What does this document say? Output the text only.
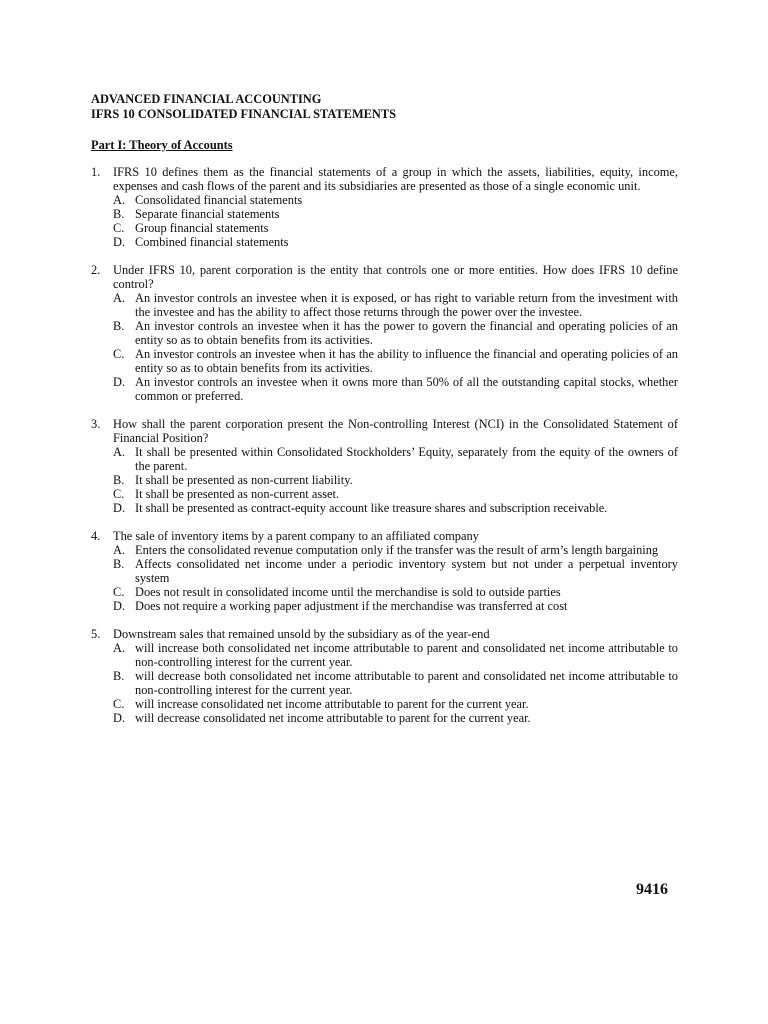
ADVANCED FINANCIAL ACCOUNTING
IFRS 10 CONSOLIDATED FINANCIAL STATEMENTS
Part I: Theory of Accounts
1.	IFRS 10 defines them as the financial statements of a group in which the assets, liabilities, equity, income, expenses and cash flows of the parent and its subsidiaries are presented as those of a single economic unit.
A. Consolidated financial statements
B. Separate financial statements
C. Group financial statements
D. Combined financial statements
2.	Under IFRS 10, parent corporation is the entity that controls one or more entities. How does IFRS 10 define control?
A. An investor controls an investee when it is exposed, or has right to variable return from the investment with the investee and has the ability to affect those returns through the power over the investee.
B. An investor controls an investee when it has the power to govern the financial and operating policies of an entity so as to obtain benefits from its activities.
C. An investor controls an investee when it has the ability to influence the financial and operating policies of an entity so as to obtain benefits from its activities.
D. An investor controls an investee when it owns more than 50% of all the outstanding capital stocks, whether common or preferred.
3.	How shall the parent corporation present the Non-controlling Interest (NCI) in the Consolidated Statement of Financial Position?
A. It shall be presented within Consolidated Stockholders’ Equity, separately from the equity of the owners of the parent.
B. It shall be presented as non-current liability.
C. It shall be presented as non-current asset.
D. It shall be presented as contract-equity account like treasure shares and subscription receivable.
4.	The sale of inventory items by a parent company to an affiliated company
A. Enters the consolidated revenue computation only if the transfer was the result of arm’s length bargaining
B. Affects consolidated net income under a periodic inventory system but not under a perpetual inventory system
C. Does not result in consolidated income until the merchandise is sold to outside parties
D. Does not require a working paper adjustment if the merchandise was transferred at cost
5.	Downstream sales that remained unsold by the subsidiary as of the year-end
A. will increase both consolidated net income attributable to parent and consolidated net income attributable to non-controlling interest for the current year.
B. will decrease both consolidated net income attributable to parent and consolidated net income attributable to non-controlling interest for the current year.
C. will increase consolidated net income attributable to parent for the current year.
D. will decrease consolidated net income attributable to parent for the current year.
9416
